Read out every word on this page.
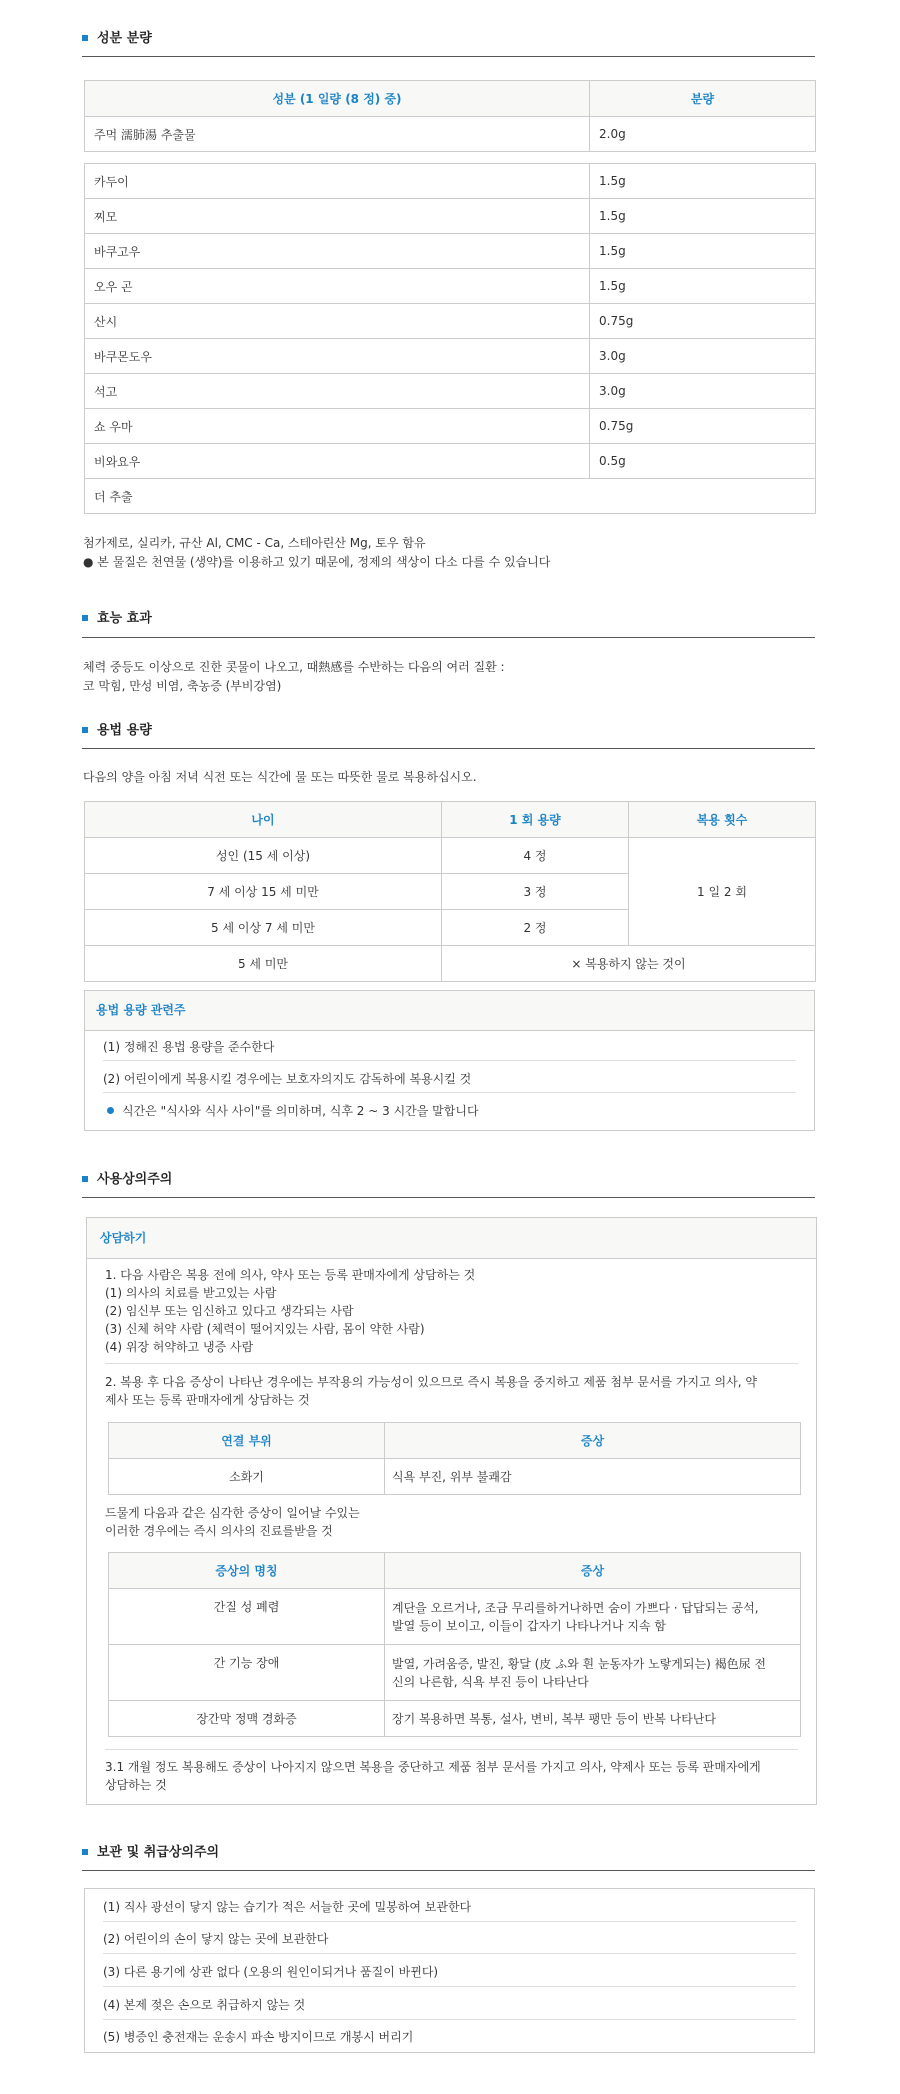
성분 분량
성분 (1 일량 (8 정) 중)	분량
주먹 濡肺湯 추출물	2.0g
카두이	1.5g
찌모	1.5g
바쿠고우	1.5g
오우 곤	1.5g
산시	0.75g
바쿠몬도우	3.0g
석고	3.0g
쇼 우마	0.75g
비와요우	0.5g
더 추출	
첨가제로, 실리카, 규산 Al, CMC - Ca, 스테아린산 Mg, 토우 함유
● 본 물질은 천연물 (생약)를 이용하고 있기 때문에, 정제의 색상이 다소 다를 수 있습니다
효능 효과
체력 중등도 이상으로 진한 콧물이 나오고, 때熱感를 수반하는 다음의 여러 질환 :
코 막힘, 만성 비염, 축농증 (부비강염)
용법 용량
다음의 양을 아침 저녁 식전 또는 식간에 물 또는 따뜻한 물로 복용하십시오.
나이	1 회 용량	복용 횟수
성인 (15 세 이상)	4 정	1 일 2 회
7 세 이상 15 세 미만	3 정	
5 세 이상 7 세 미만	2 정	
5 세 미만	× 복용하지 않는 것이	
용법 용량 관련주
(1) 정해진 용법 용량을 준수한다
(2) 어린이에게 복용시킬 경우에는 보호자의지도 감독하에 복용시킬 것
식간은 "식사와 식사 사이"를 의미하며, 식후 2 ~ 3 시간을 말합니다
사용상의주의
상담하기
1. 다음 사람은 복용 전에 의사, 약사 또는 등록 판매자에게 상담하는 것
(1) 의사의 치료를 받고있는 사람
(2) 임신부 또는 임신하고 있다고 생각되는 사람
(3) 신체 허약 사람 (체력이 떨어지있는 사람, 몸이 약한 사람)
(4) 위장 허약하고 냉증 사람
2. 복용 후 다음 증상이 나타난 경우에는 부작용의 가능성이 있으므로 즉시 복용을 중지하고 제품 첨부 문서를 가지고 의사, 약
제사 또는 등록 판매자에게 상담하는 것
연결 부위	증상
소화기	식욕 부진, 위부 불쾌감
드물게 다음과 같은 심각한 증상이 일어날 수있는
이러한 경우에는 즉시 의사의 진료를받을 것
증상의 명칭	증상
간질 성 폐렴	계단을 오르거나, 조금 무리를하거나하면 숨이 가쁘다 · 답답되는 공석,
발열 등이 보이고, 이들이 갑자기 나타나거나 지속 함

간 기능 장애	발열, 가려움증, 발진, 황달 (皮 ふ와 흰 눈동자가 노랗게되는) 褐色尿 전
신의 나른함, 식욕 부진 등이 나타난다

장간막 정맥 경화증	장기 복용하면 복통, 설사, 변비, 복부 팽만 등이 반복 나타난다
3.1 개월 정도 복용해도 증상이 나아지지 않으면 복용을 중단하고 제품 첨부 문서를 가지고 의사, 약제사 또는 등록 판매자에게
상담하는 것
보관 및 취급상의주의
(1) 직사 광선이 닿지 않는 습기가 적은 서늘한 곳에 밀봉하여 보관한다
(2) 어린이의 손이 닿지 않는 곳에 보관한다
(3) 다른 용기에 상관 없다 (오용의 원인이되거나 품질이 바뀐다)
(4) 본제 젖은 손으로 취급하지 않는 것
(5) 병증인 충전재는 운송시 파손 방지이므로 개봉시 버리기
